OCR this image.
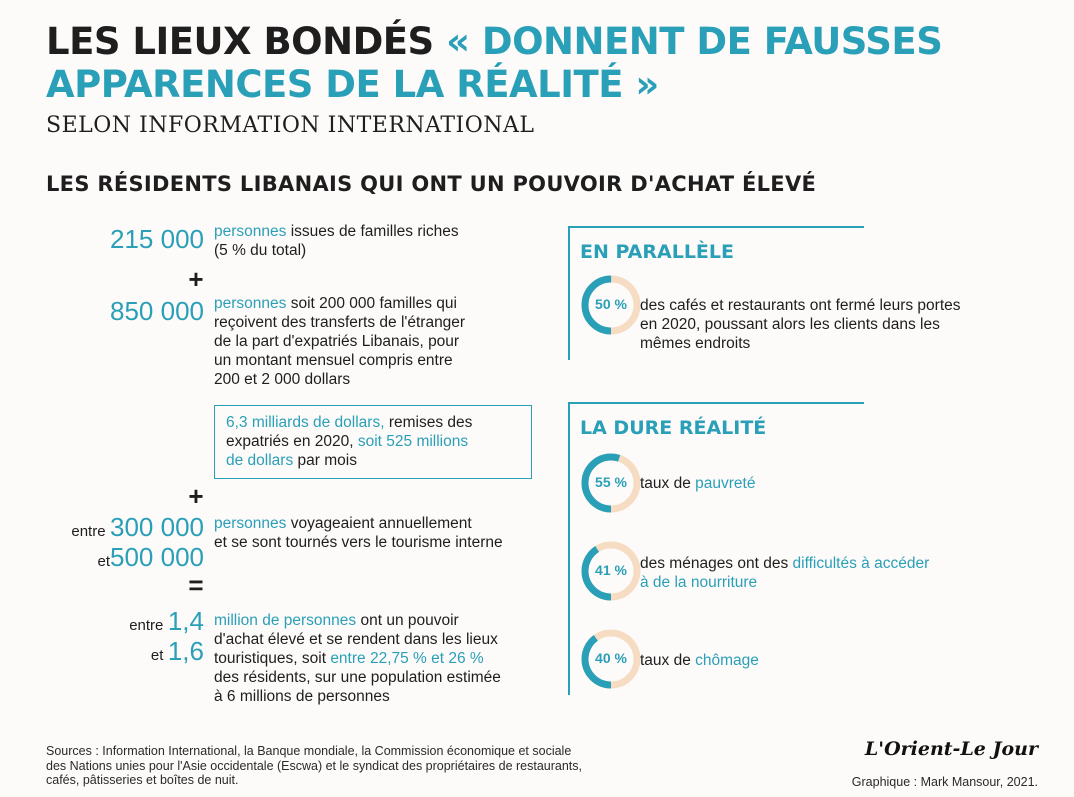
LES LIEUX BONDÉS « DONNENT DE FAUSSES
APPARENCES DE LA RÉALITÉ »
SELON INFORMATION INTERNATIONAL
LES RÉSIDENTS LIBANAIS QUI ONT UN POUVOIR D'ACHAT ÉLEVÉ
215 000 personnes issues de familles riches
(5 % du total)
+
850 000 personnes soit 200 000 familles qui
reçoivent des transferts de l'étranger
de la part d'expatriés Libanais, pour
un montant mensuel compris entre
200 et 2 000 dollars
6,3 milliards de dollars, remises des
expatriés en 2020, soit 525 millions
de dollars par mois
+
entre 300 000
et500 000
personnes voyageaient annuellement
et se sont tournés vers le tourisme interne
=
entre 1,4
et 1,6
million de personnes ont un pouvoir
d'achat élevé et se rendent dans les lieux
touristiques, soit entre 22,75 % et 26 %
des résidents, sur une population estimée
à 6 millions de personnes
EN PARALLÈLE
50 % des cafés et restaurants ont fermé leurs portes
en 2020, poussant alors les clients dans les
mêmes endroits
LA DURE RÉALITÉ
55 % taux de pauvreté
41 % des ménages ont des difficultés à accéder
à de la nourriture
40 % taux de chômage
Sources : Information International, la Banque mondiale, la Commission économique et sociale
des Nations unies pour l'Asie occidentale (Escwa) et le syndicat des propriétaires de restaurants,
cafés, pâtisseries et boîtes de nuit.
L'Orient-Le Jour
Graphique : Mark Mansour, 2021.
